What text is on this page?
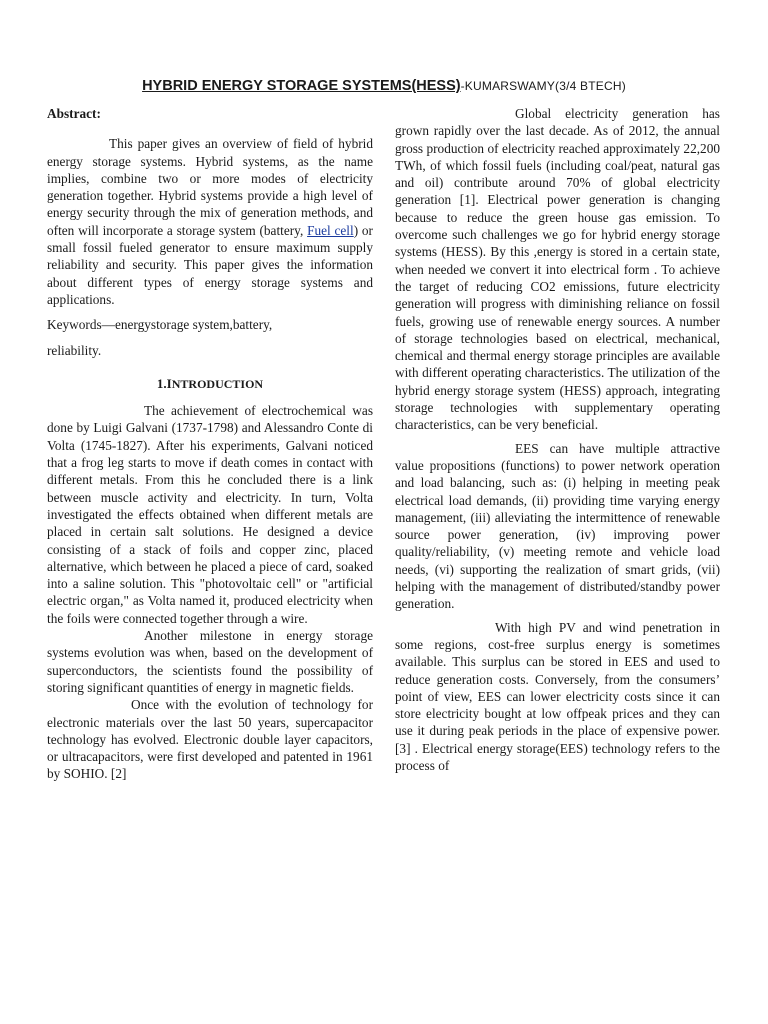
HYBRID ENERGY STORAGE SYSTEMS(HESS)-KUMARSWAMY(3/4 BTECH)

Abstract:

This paper gives an overview of field of hybrid energy storage systems. Hybrid systems, as the name implies, combine two or more modes of electricity generation together. Hybrid systems provide a high level of energy security through the mix of generation methods, and often will incorporate a storage system (battery, Fuel cell) or small fossil fueled generator to ensure maximum supply reliability and security. This paper gives the information about different types of energy storage systems and applications.

Keywords—energystorage system,battery,

reliability.

1.INTRODUCTION

The achievement of electrochemical was done by Luigi Galvani (1737-1798) and Alessandro Conte di Volta (1745-1827). After his experiments, Galvani noticed that a frog leg starts to move if death comes in contact with different metals. From this he concluded there is a link between muscle activity and electricity. In turn, Volta investigated the effects obtained when different metals are placed in certain salt solutions. He designed a device consisting of a stack of foils and copper zinc, placed alternative, which between he placed a piece of card, soaked into a saline solution. This "photovoltaic cell" or "artificial electric organ," as Volta named it, produced electricity when the foils were connected together through a wire.

Another milestone in energy storage systems evolution was when, based on the development of superconductors, the scientists found the possibility of storing significant quantities of energy in magnetic fields.

Once with the evolution of technology for electronic materials over the last 50 years, supercapacitor technology has evolved. Electronic double layer capacitors, or ultracapacitors, were first developed and patented in 1961 by SOHIO. [2]

Global electricity generation has grown rapidly over the last decade. As of 2012, the annual gross production of electricity reached approximately 22,200 TWh, of which fossil fuels (including coal/peat, natural gas and oil) contribute around 70% of global electricity generation [1]. Electrical power generation is changing because to reduce the green house gas emission. To overcome such challenges we go for hybrid energy storage systems (HESS). By this ,energy is stored in a certain state, when needed we convert it into electrical form . To achieve the target of reducing CO2 emissions, future electricity generation will progress with diminishing reliance on fossil fuels, growing use of renewable energy sources. A number of storage technologies based on electrical, mechanical, chemical and thermal energy storage principles are available with different operating characteristics. The utilization of the hybrid energy storage system (HESS) approach, integrating storage technologies with supplementary operating characteristics, can be very beneficial.

EES can have multiple attractive value propositions (functions) to power network operation and load balancing, such as: (i) helping in meeting peak electrical load demands, (ii) providing time varying energy management, (iii) alleviating the intermittence of renewable source power generation, (iv) improving power quality/reliability, (v) meeting remote and vehicle load needs, (vi) supporting the realization of smart grids, (vii) helping with the management of distributed/standby power generation.

With high PV and wind penetration in some regions, cost-free surplus energy is sometimes available. This surplus can be stored in EES and used to reduce generation costs. Conversely, from the consumers’ point of view, EES can lower electricity costs since it can store electricity bought at low offpeak prices and they can use it during peak periods in the place of expensive power.[3] . Electrical energy storage(EES) technology refers to the process of
